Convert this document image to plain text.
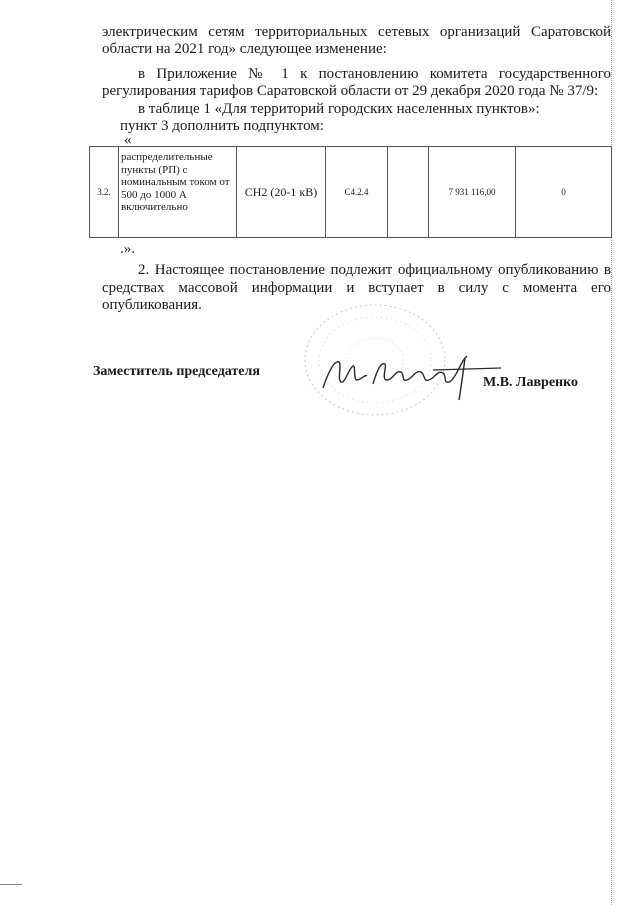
электрическим сетям территориальных сетевых организаций Саратовской
области на 2021 год» следующее изменение:
в Приложение № 1 к постановлению комитета государственного
регулирования тарифов Саратовской области от 29 декабря 2020 года № 37/9:
в таблице 1 «Для территорий городских населенных пунктов»:
пункт 3 дополнить подпунктом:
«
3.2.	распределительные пункты (РП) с номинальным током от 500 до 1000 А включительно	СН2 (20-1 кВ)	С4.2.4		7 931 116,00	0
.».
2. Настоящее постановление подлежит официальному опубликованию в
средствах массовой информации и вступает в силу с момента его
опубликования.
Заместитель председателя
М.В. Лавренко
